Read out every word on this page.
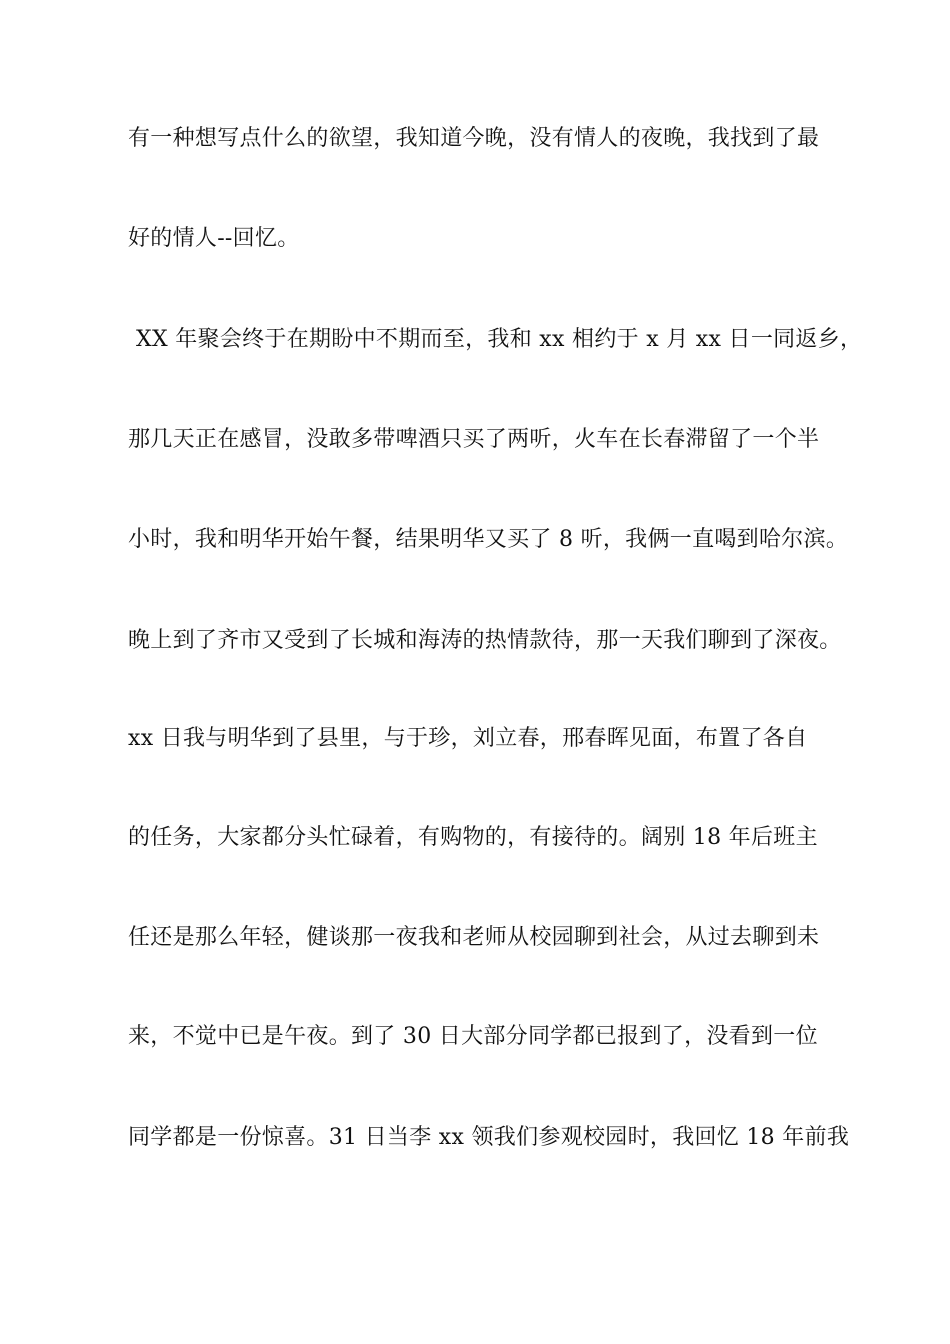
有一种想写点什么的欲望，我知道今晚，没有情人的夜晚，我找到了最
好的情人--回忆。
XX 年聚会终于在期盼中不期而至，我和 xx 相约于 x 月 xx 日一同返乡，
那几天正在感冒，没敢多带啤酒只买了两听，火车在长春滞留了一个半
小时，我和明华开始午餐，结果明华又买了 8 听，我俩一直喝到哈尔滨。
晚上到了齐市又受到了长城和海涛的热情款待，那一天我们聊到了深夜。
xx 日我与明华到了县里，与于珍，刘立春，邢春晖见面，布置了各自
的任务，大家都分头忙碌着，有购物的，有接待的。阔别 18 年后班主
任还是那么年轻，健谈那一夜我和老师从校园聊到社会，从过去聊到未
来，不觉中已是午夜。到了 30 日大部分同学都已报到了，没看到一位
同学都是一份惊喜。31 日当李 xx 领我们参观校园时，我回忆 18 年前我
